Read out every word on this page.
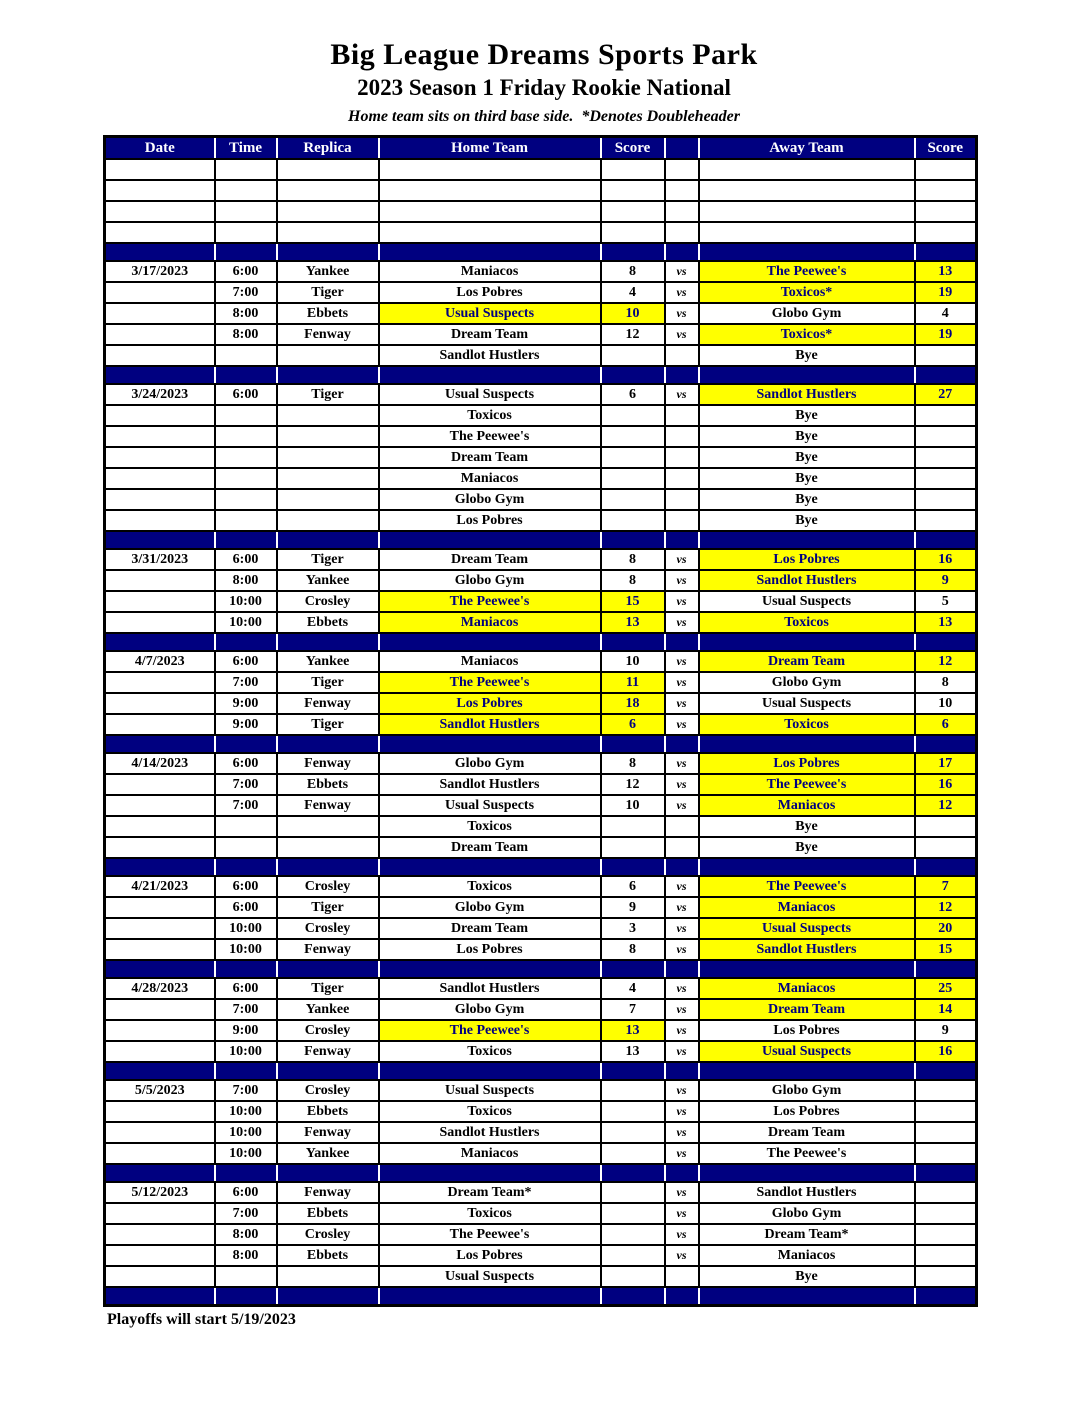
Big League Dreams Sports Park
2023 Season 1 Friday Rookie National
Home team sits on third base side.  *Denotes Doubleheader
Date	Time	Replica	Home Team	Score		Away Team	Score

3/17/2023	6:00	Yankee	Maniacos	8	vs	The Peewee's	13
	7:00	Tiger	Los Pobres	4	vs	Toxicos*	19
	8:00	Ebbets	Usual Suspects	10	vs	Globo Gym	4
	8:00	Fenway	Dream Team	12	vs	Toxicos*	19
			Sandlot Hustlers			Bye	

3/24/2023	6:00	Tiger	Usual Suspects	6	vs	Sandlot Hustlers	27
			Toxicos			Bye	
			The Peewee's			Bye	
			Dream Team			Bye	
			Maniacos			Bye	
			Globo Gym			Bye	
			Los Pobres			Bye	

3/31/2023	6:00	Tiger	Dream Team	8	vs	Los Pobres	16
	8:00	Yankee	Globo Gym	8	vs	Sandlot Hustlers	9
	10:00	Crosley	The Peewee's	15	vs	Usual Suspects	5
	10:00	Ebbets	Maniacos	13	vs	Toxicos	13

4/7/2023	6:00	Yankee	Maniacos	10	vs	Dream Team	12
	7:00	Tiger	The Peewee's	11	vs	Globo Gym	8
	9:00	Fenway	Los Pobres	18	vs	Usual Suspects	10
	9:00	Tiger	Sandlot Hustlers	6	vs	Toxicos	6

4/14/2023	6:00	Fenway	Globo Gym	8	vs	Los Pobres	17
	7:00	Ebbets	Sandlot Hustlers	12	vs	The Peewee's	16
	7:00	Fenway	Usual Suspects	10	vs	Maniacos	12
			Toxicos			Bye	
			Dream Team			Bye	

4/21/2023	6:00	Crosley	Toxicos	6	vs	The Peewee's	7
	6:00	Tiger	Globo Gym	9	vs	Maniacos	12
	10:00	Crosley	Dream Team	3	vs	Usual Suspects	20
	10:00	Fenway	Los Pobres	8	vs	Sandlot Hustlers	15

4/28/2023	6:00	Tiger	Sandlot Hustlers	4	vs	Maniacos	25
	7:00	Yankee	Globo Gym	7	vs	Dream Team	14
	9:00	Crosley	The Peewee's	13	vs	Los Pobres	9
	10:00	Fenway	Toxicos	13	vs	Usual Suspects	16

5/5/2023	7:00	Crosley	Usual Suspects		vs	Globo Gym	
	10:00	Ebbets	Toxicos		vs	Los Pobres	
	10:00	Fenway	Sandlot Hustlers		vs	Dream Team	
	10:00	Yankee	Maniacos		vs	The Peewee's	

5/12/2023	6:00	Fenway	Dream Team*		vs	Sandlot Hustlers	
	7:00	Ebbets	Toxicos		vs	Globo Gym	
	8:00	Crosley	The Peewee's		vs	Dream Team*	
	8:00	Ebbets	Los Pobres		vs	Maniacos	
			Usual Suspects			Bye	

Playoffs will start 5/19/2023
